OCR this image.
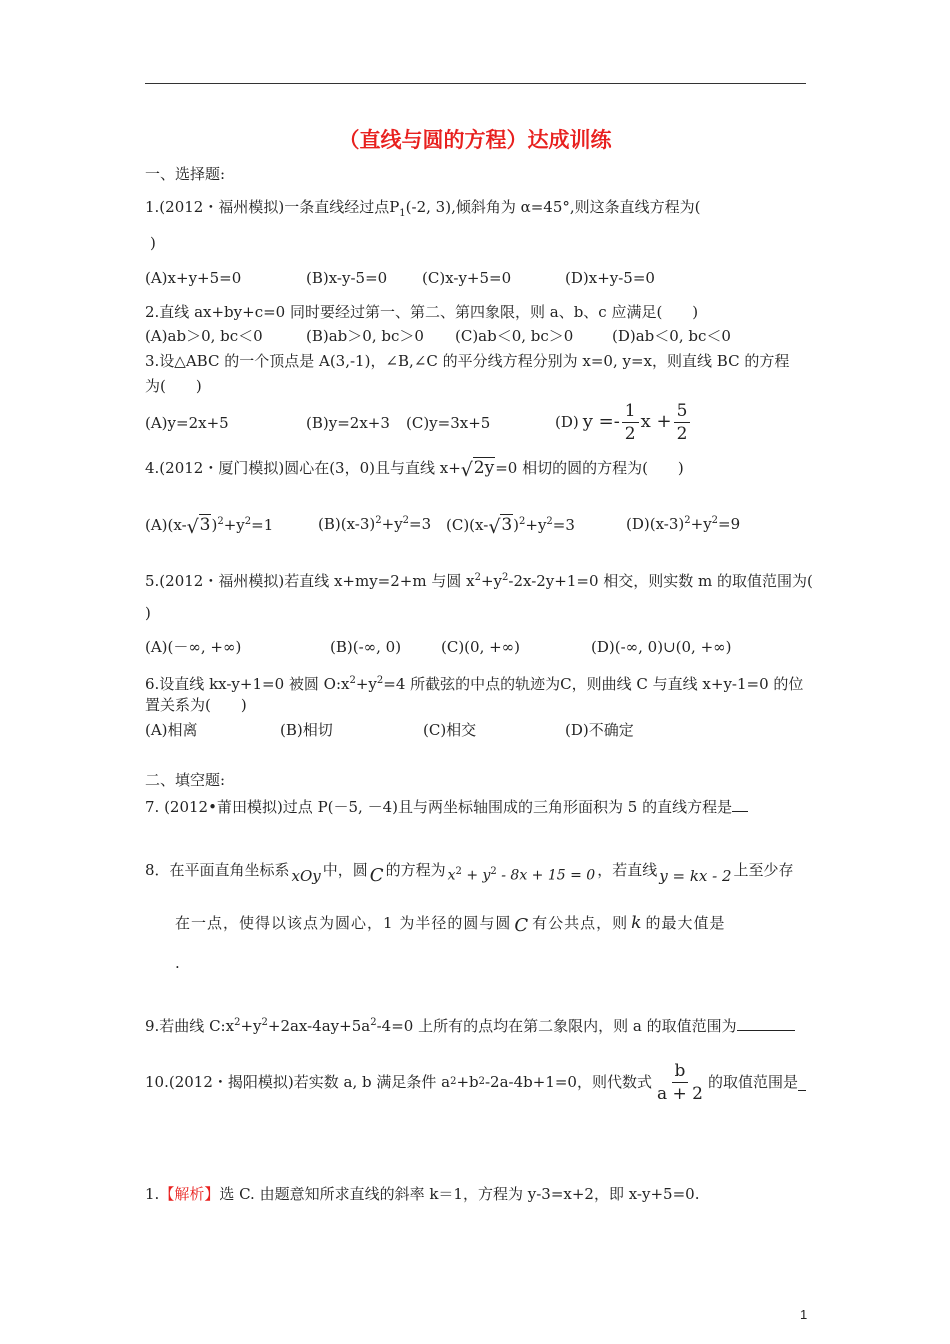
（直线与圆的方程）达成训练
一、选择题:
1.(2012・福州模拟)一条直线经过点$P_1(-2$, 3),倾斜角为 α=45°,则这条直线方程为(
)
(A)x+y+5=0	(B)x-y-5=0 (C)x-y+5=0	(D)x+y-5=0
2.直线 ax+by+c=0 同时要经过第一、第二、第四象限，则 a、b、c 应满足(　　)
(A)ab＞0, bc＜0	(B)ab＞0, bc＞0 (C)ab＜0, bc＞0	(D)ab＜0, bc＜0
3.设△ABC 的一个顶点是 A(3,-1)，∠B,∠C 的平分线方程分别为 x=0, y=x，则直线 BC 的方程
为(　　)
(A)y=2x+5	(B)y=2x+3 (C)y=3x+5	(D) $y =- \frac{1}{2}$ $x + \frac{5}{2}$
4.(2012・厦门模拟)圆心在(3，0)且与直线 x+ √ 2y=0 相切的圆的方程为(　　)
(A)(x- √ $3)^2+y^2=1$	$(B)(x-3)^2+y^2=3$ (C)(x- √ $3)^2+y^2=3$	$(D)(x-3)^2+y^2=9$
5.(2012・福州模拟)若直线 x+my=2+m 与圆 $x^2+y^2-2x-2y+1=0$ 相交，则实数 m 的取值范围为(
)
(A)(－∞, +∞)	(B)(-∞, 0)	(C)(0, +∞)	(D)(-∞, 0)∪(0, +∞)
6.设直线 kx-y+1=0 被圆 $O:x^2+y^2=4$ 所截弦的中点的轨迹为C，则曲线 C 与直线 x+y-1=0 的位
置关系为(　　)
(A)相离	(B)相切	(C)相交	(D)不确定
二、填空题:
7. (2012•莆田模拟)过点 P(－5, －4)且与两坐标轴围成的三角形面积为 5 的直线方程是
8．在平面直角坐标系 xOy 中，圆 C 的方程为 $x^2 + y^2 - 8x + 15 = 0$ ，若直线 y = kx - 2 上至少存
在一点，使得以该点为圆心，1 为半径的圆与圆 C 有公共点，则 k 的最大值是
.
9.若曲线 $C:x^2+y^2+2ax-4ay+5a^2-4=0$ 上所有的点均在第二象限内，则 a 的取值范围为
10.(2012・揭阳模拟)若实数 a, b 满足条件 a 2 +b 2 -2a-4b+1=0，则代数式 $\frac{b}{a + 2}$ 的取值范围是
1.【解析】选 C. 由题意知所求直线的斜率 k＝1，方程为 y-3=x+2，即 x-y+5=0.
1
